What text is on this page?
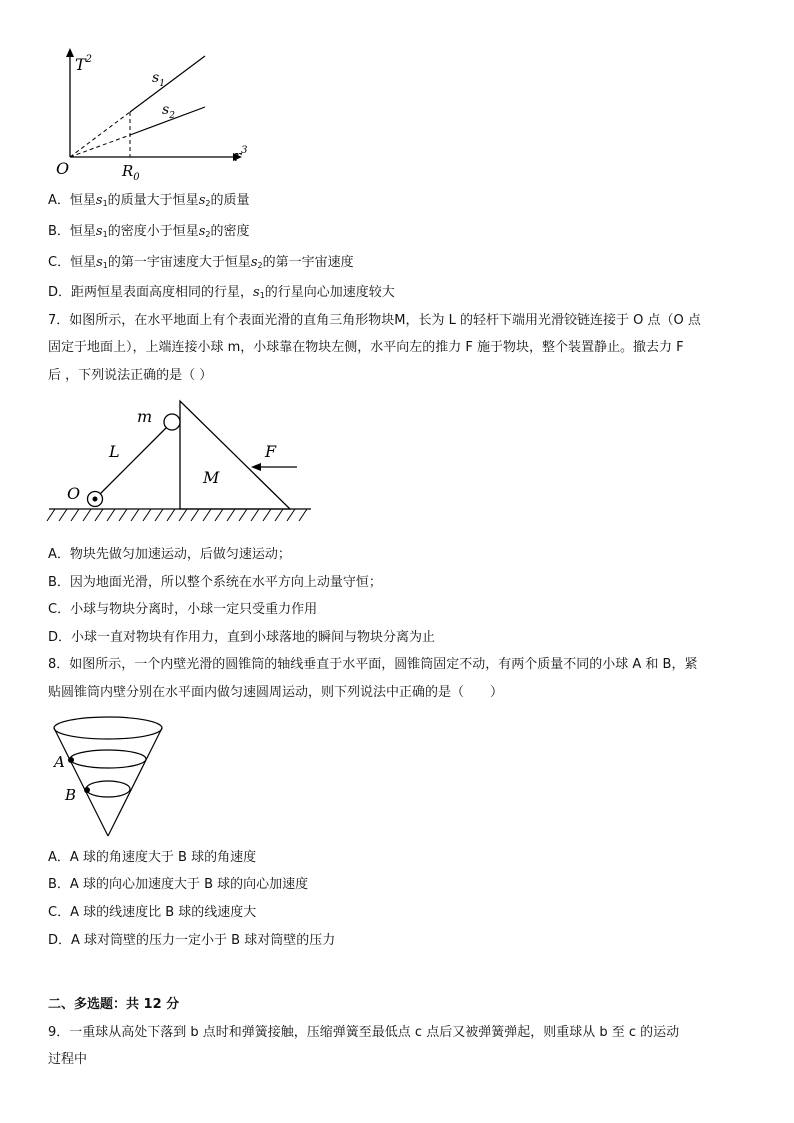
$T^2$
$r^3$
O	$R_0$
$s_1$
$s_2$
A．恒星$s_1$的质量大于恒星$s_2$的质量
B．恒星$s_1$的密度小于恒星$s_2$的密度
C．恒星$s_1$的第一宇宙速度大于恒星$s_2$的第一宇宙速度
D．距两恒星表面高度相同的行星，$s_1$的行星向心加速度较大
7．如图所示，在水平地面上有个表面光滑的直角三角形物块M，长为 L 的轻杆下端用光滑铰链连接于 O 点（O 点
固定于地面上），上端连接小球 m，小球靠在物块左侧，水平向左的推力 F 施于物块，整个装置静止。撤去力 F
后 ，下列说法正确的是（ ）
m
L
M
F
O
A．物块先做匀加速运动，后做匀速运动；
B．因为地面光滑，所以整个系统在水平方向上动量守恒；
C．小球与物块分离时，小球一定只受重力作用
D．小球一直对物块有作用力，直到小球落地的瞬间与物块分离为止
8．如图所示，一个内壁光滑的圆锥筒的轴线垂直于水平面，圆锥筒固定不动，有两个质量不同的小球 A 和 B，紧
贴圆锥筒内壁分别在水平面内做匀速圆周运动，则下列说法中正确的是（　　）
A
B
A．A 球的角速度大于 B 球的角速度
B．A 球的向心加速度大于 B 球的向心加速度
C．A 球的线速度比 B 球的线速度大
D．A 球对筒壁的压力一定小于 B 球对筒壁的压力
二、多选题：共 12 分
9．一重球从高处下落到 b 点时和弹簧接触，压缩弹簧至最低点 c 点后又被弹簧弹起，则重球从 b 至 c 的运动
过程中
